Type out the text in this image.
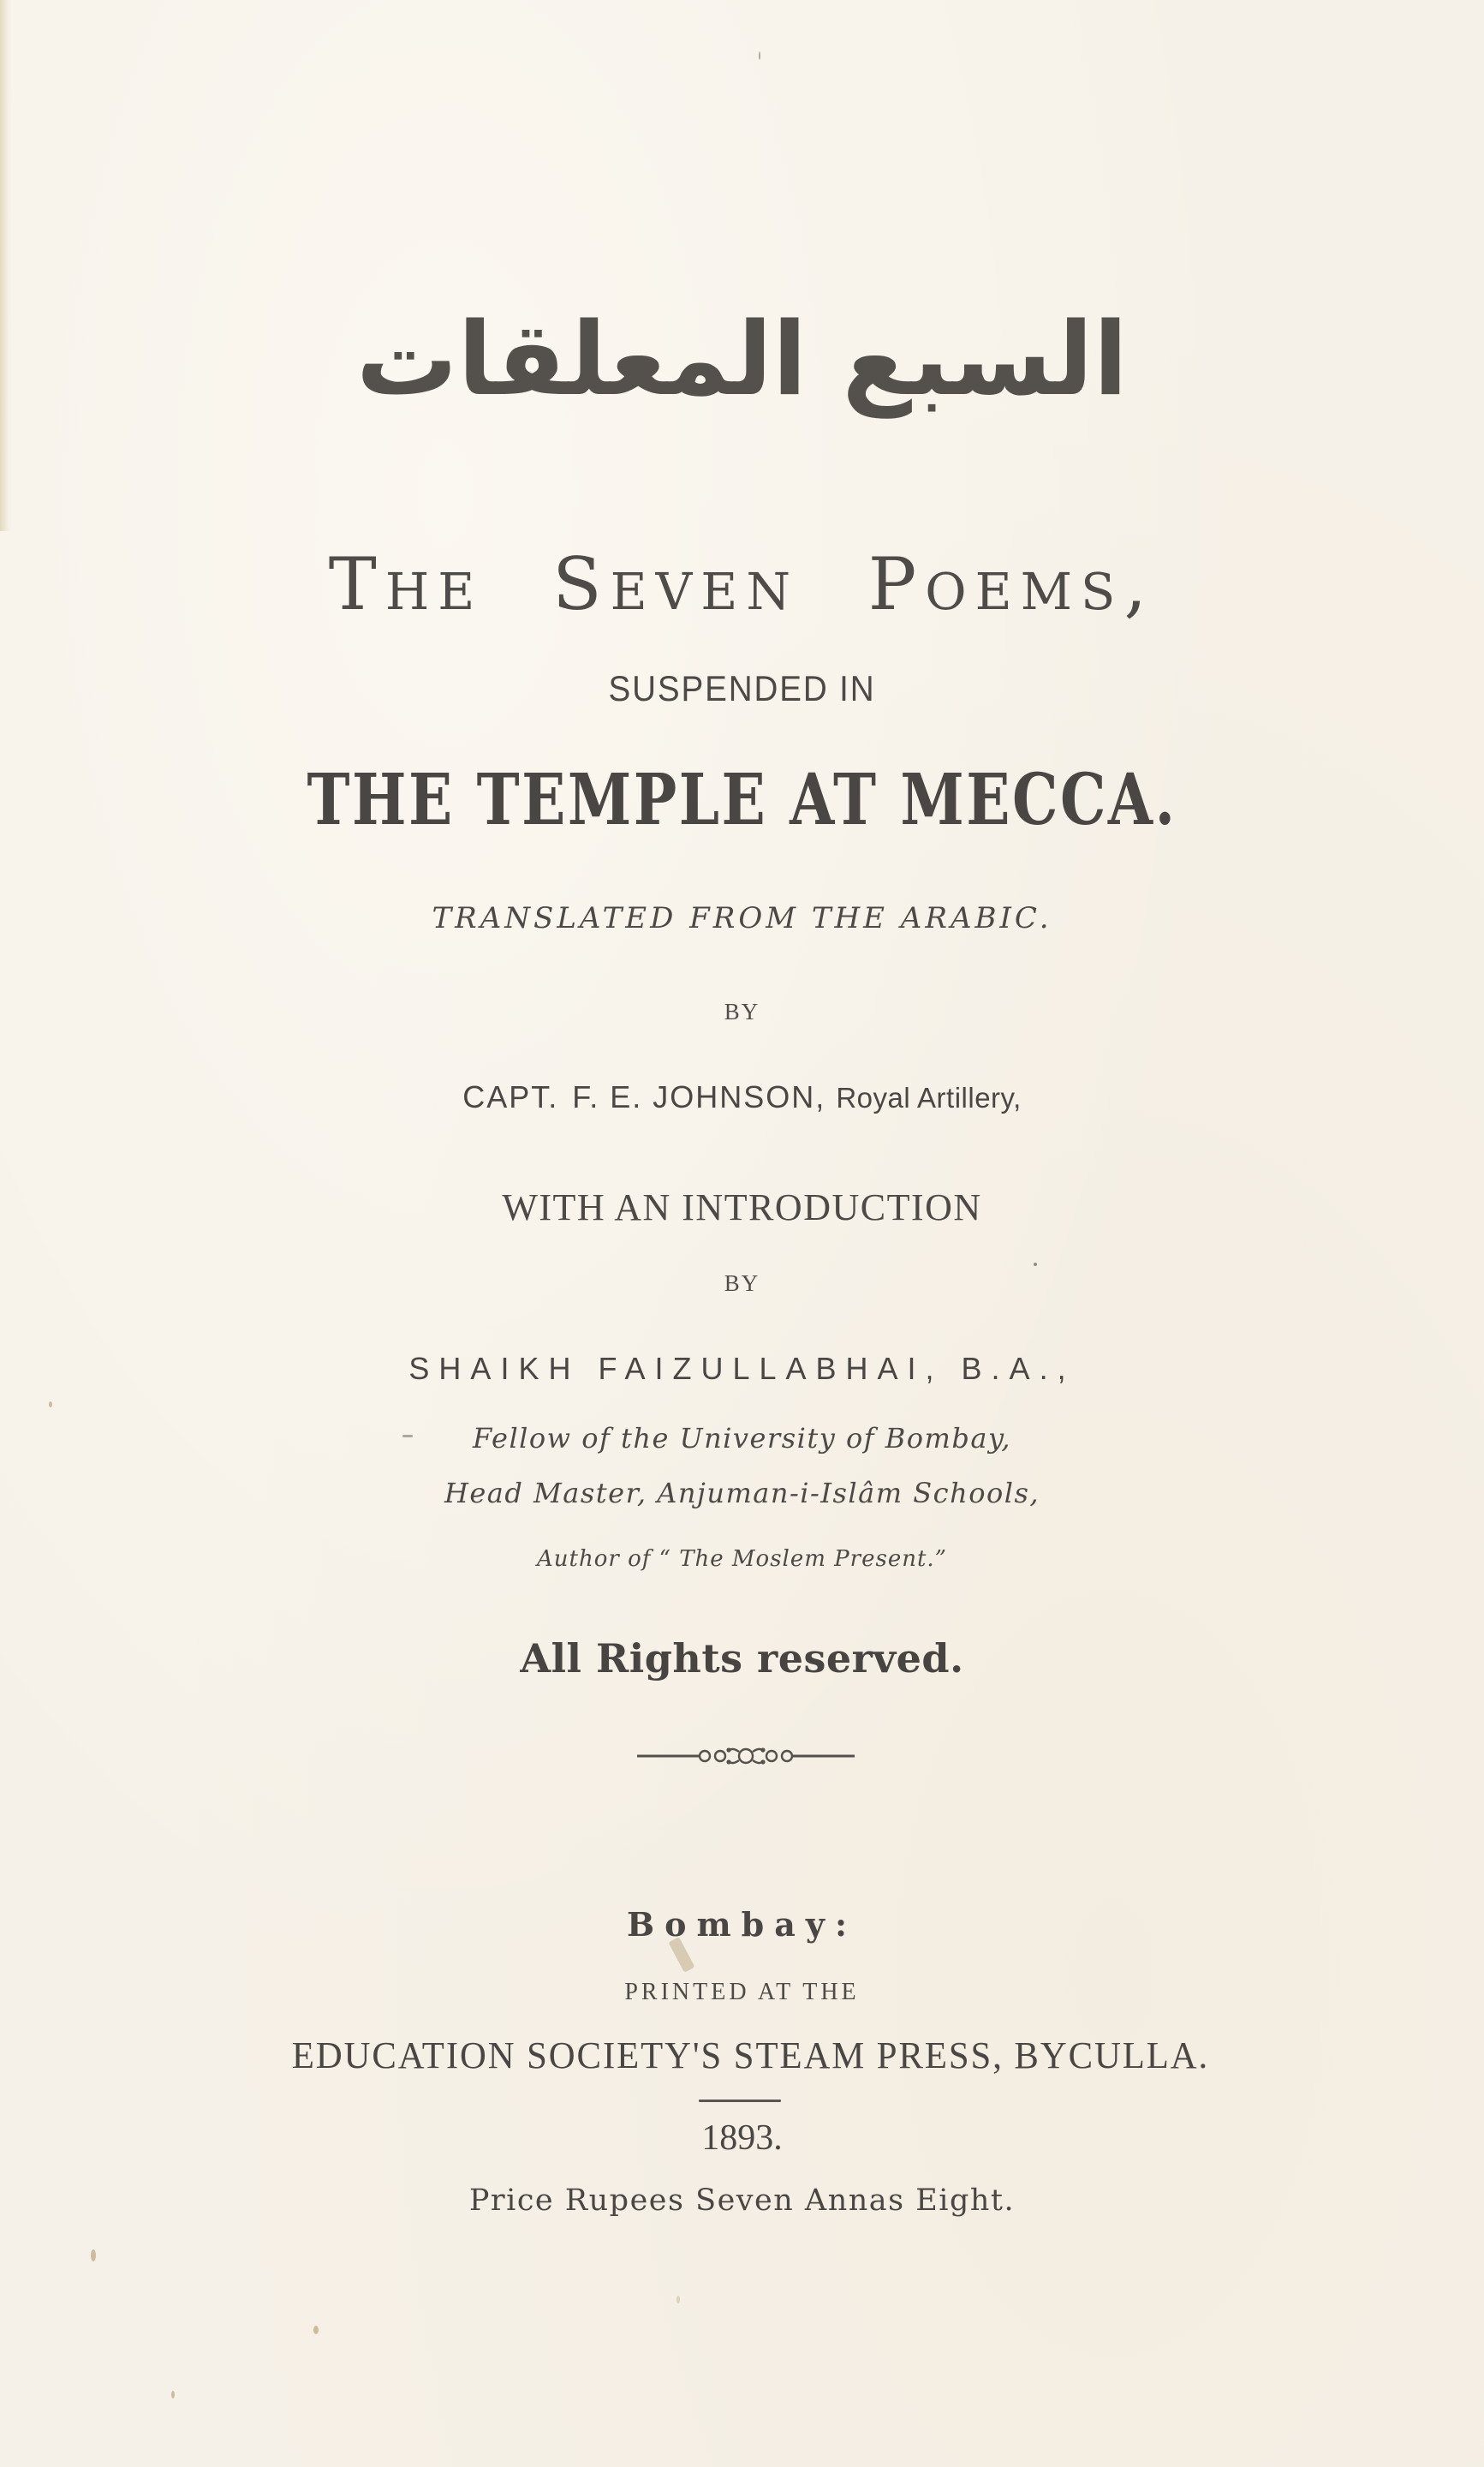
السبع المعلقات
The Seven Poems,
SUSPENDED IN
THE TEMPLE AT MECCA.
TRANSLATED FROM THE ARABIC.
BY
CAPT. F. E. JOHNSON, Royal Artillery,
WITH AN INTRODUCTION
BY
SHAIKH FAIZULLABHAI, B.A.,
Fellow of the University of Bombay,
Head Master, Anjuman-i-Islâm Schools,
Author of “ The Moslem Present.”
All Rights reserved.
Bombay:
PRINTED AT THE
EDUCATION SOCIETY'S STEAM PRESS, BYCULLA.
1893.
Price Rupees Seven Annas Eight.
